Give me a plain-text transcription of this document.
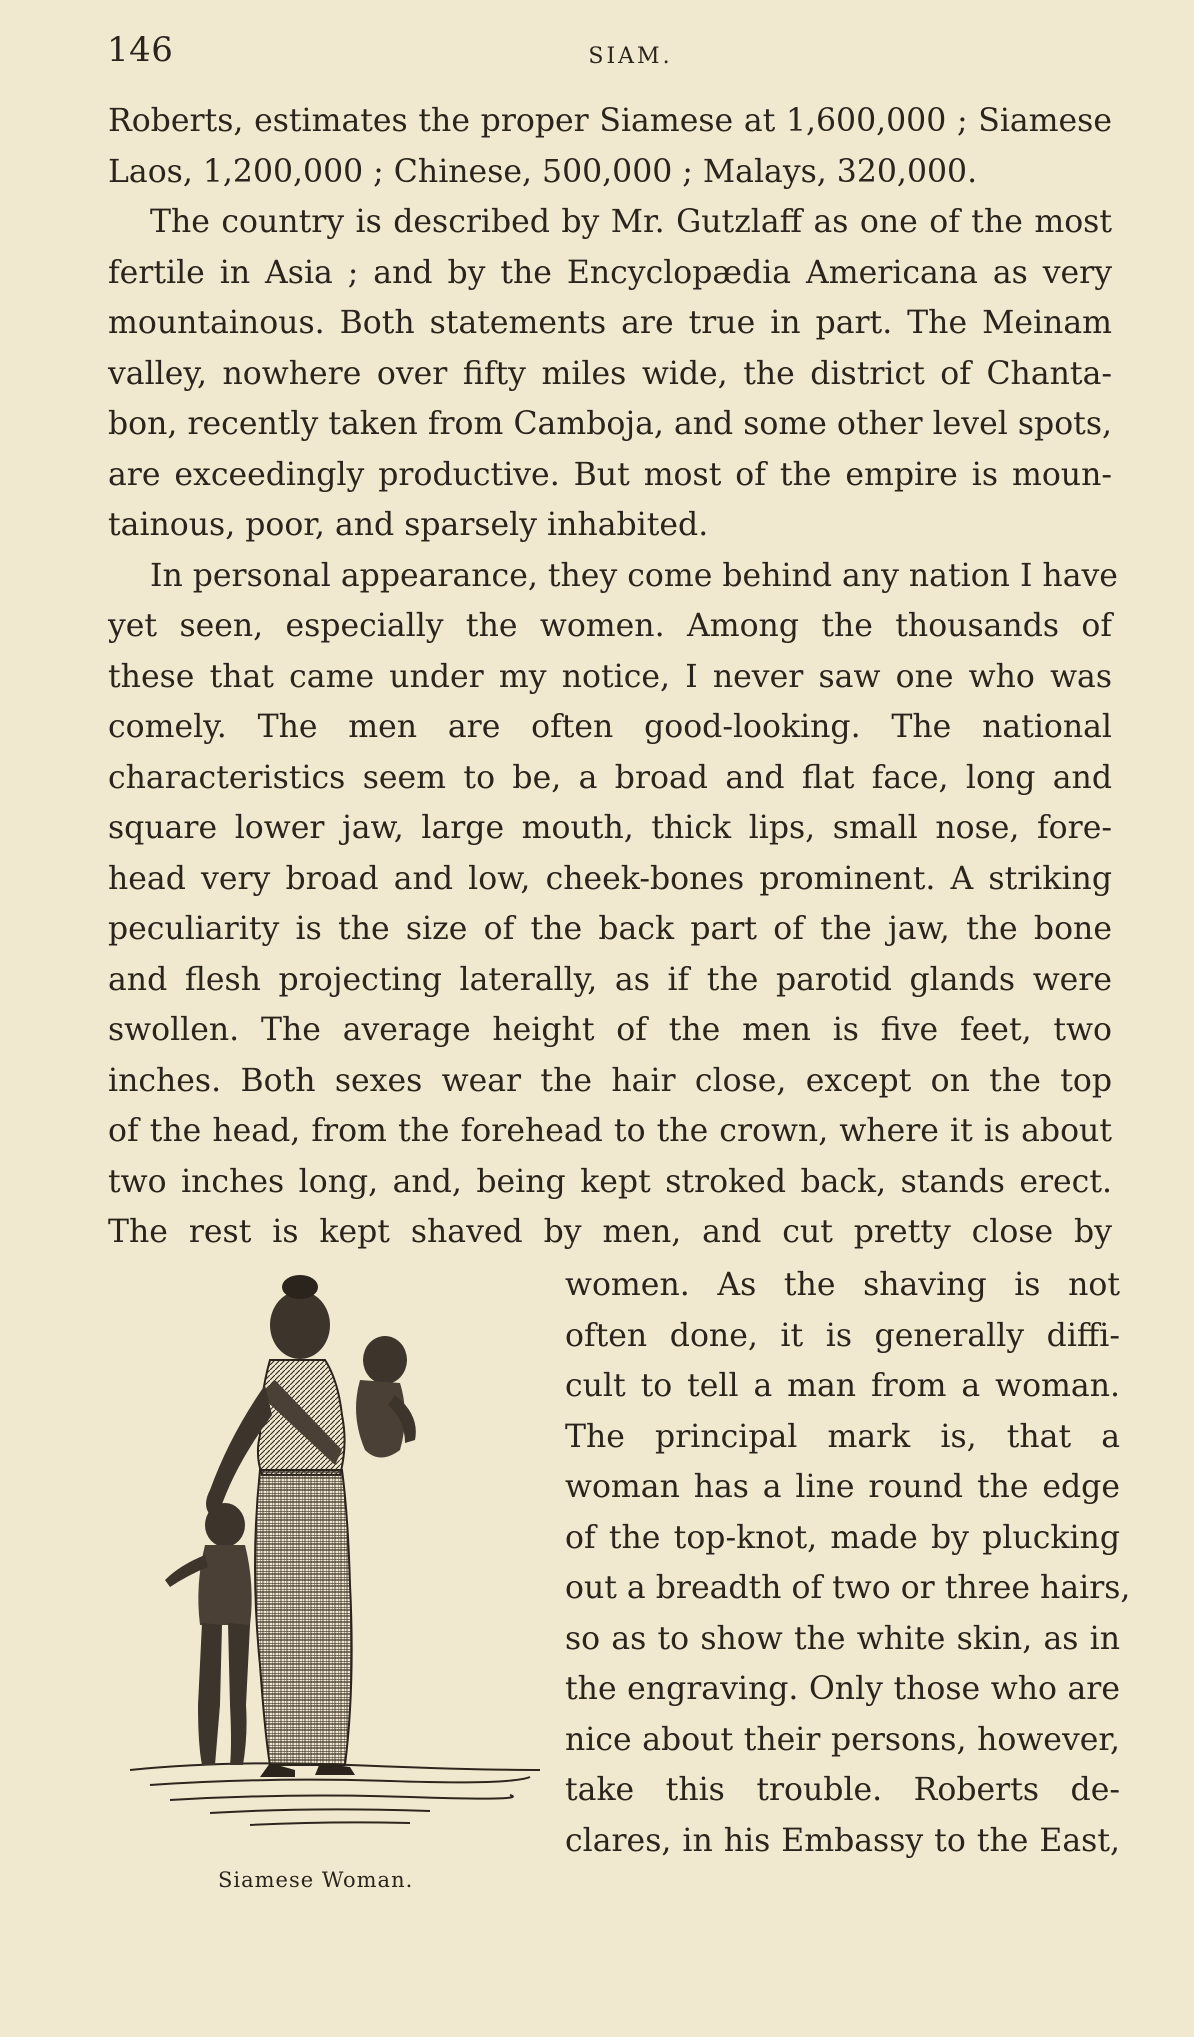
146	SIAM.
Roberts, estimates the proper Siamese at 1,600,000 ; Siamese
Laos, 1,200,000 ; Chinese, 500,000 ; Malays, 320,000.
The country is described by Mr. Gutzlaff as one of the most
fertile in Asia ; and by the Encyclopædia Americana as very
mountainous. Both statements are true in part. The Meinam
valley, nowhere over fifty miles wide, the district of Chanta-
bon, recently taken from Camboja, and some other level spots,
are exceedingly productive. But most of the empire is moun-
tainous, poor, and sparsely inhabited.
In personal appearance, they come behind any nation I have
yet seen, especially the women. Among the thousands of
these that came under my notice, I never saw one who was
comely. The men are often good-looking. The national
characteristics seem to be, a broad and flat face, long and
square lower jaw, large mouth, thick lips, small nose, fore-
head very broad and low, cheek-bones prominent. A striking
peculiarity is the size of the back part of the jaw, the bone
and flesh projecting laterally, as if the parotid glands were
swollen. The average height of the men is five feet, two
inches. Both sexes wear the hair close, except on the top
of the head, from the forehead to the crown, where it is about
two inches long, and, being kept stroked back, stands erect.
The rest is kept shaved by men, and cut pretty close by
women. As the shaving is not
often done, it is generally diffi-
cult to tell a man from a woman.
The principal mark is, that a
woman has a line round the edge
of the top-knot, made by plucking
out a breadth of two or three hairs,
so as to show the white skin, as in
the engraving. Only those who are
nice about their persons, however,
take this trouble. Roberts de-
clares, in his Embassy to the East,
Siamese Woman.
